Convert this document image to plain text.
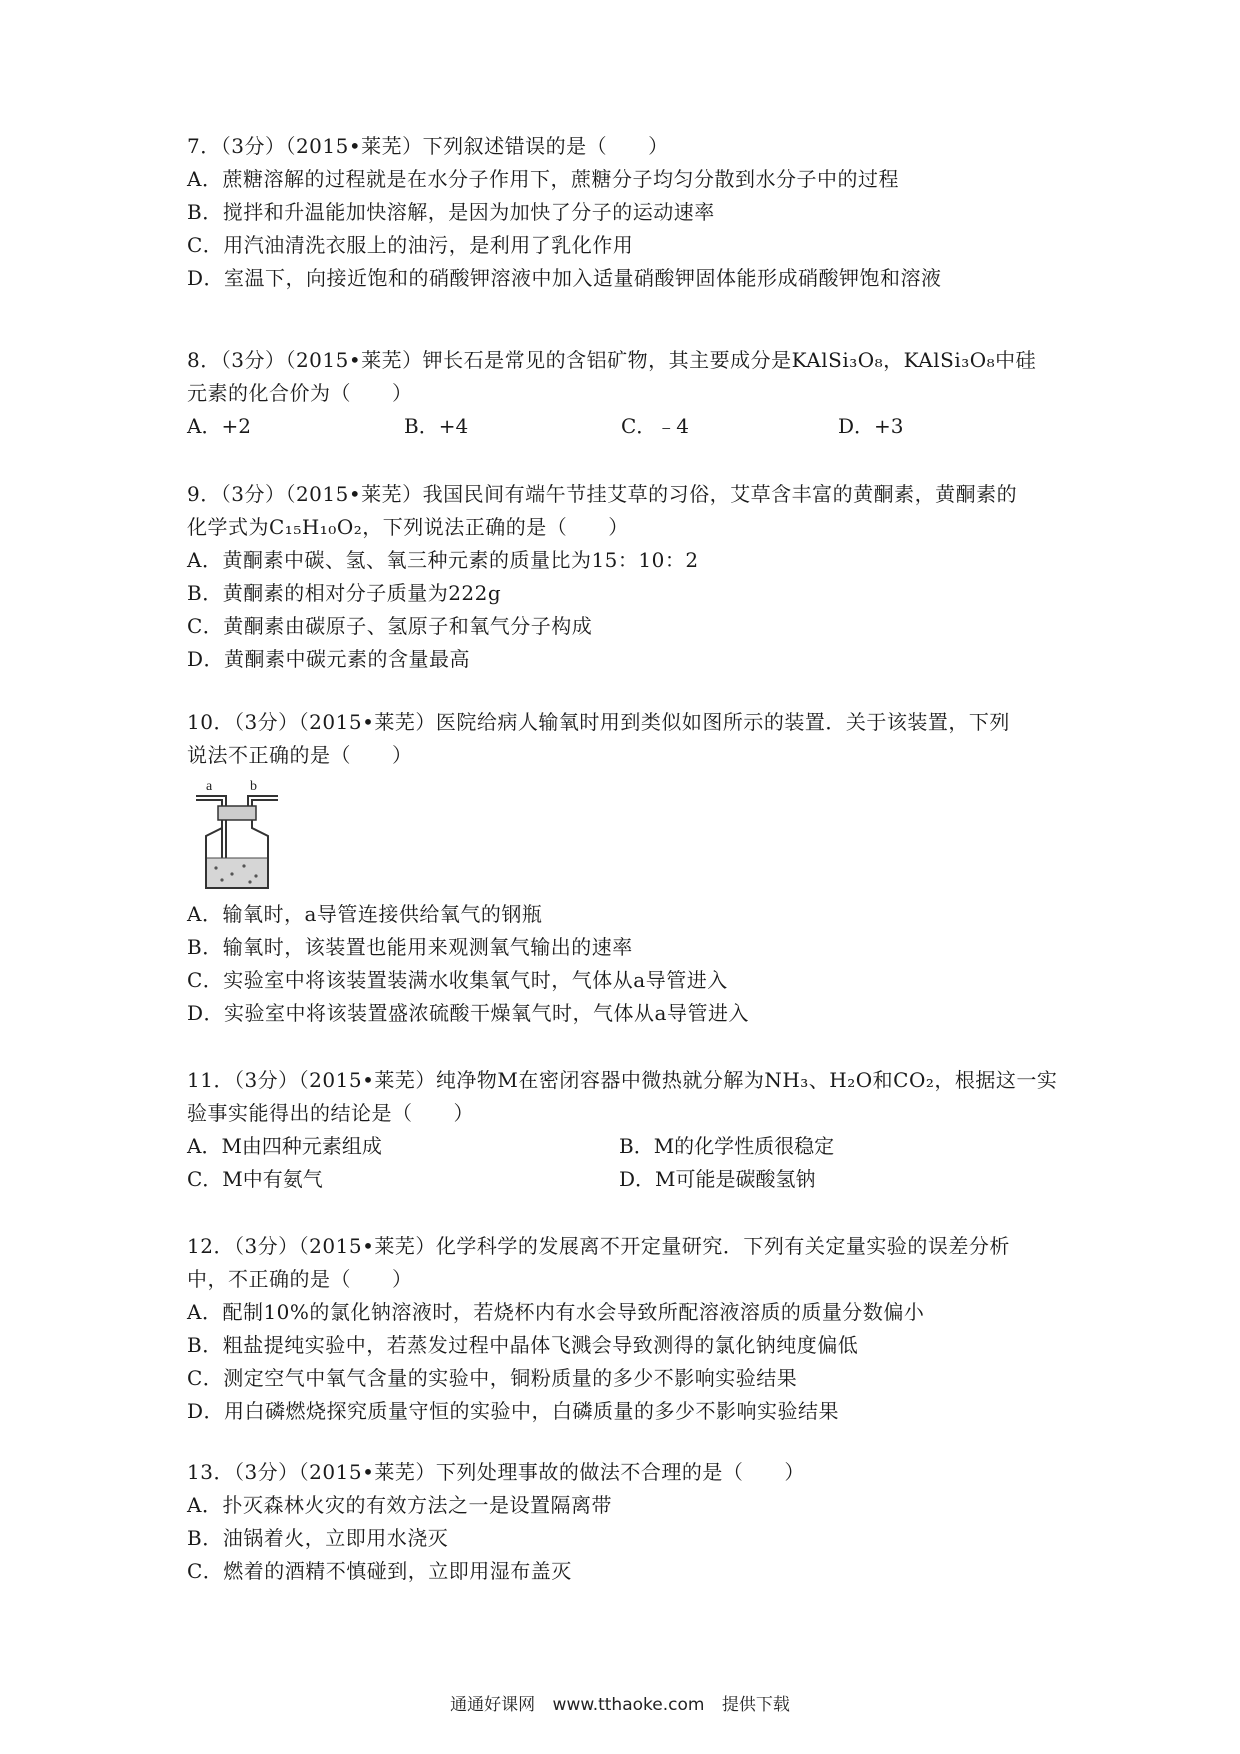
7．（3分）（2015•莱芜）下列叙述错误的是（　　）
A．蔗糖溶解的过程就是在水分子作用下，蔗糖分子均匀分散到水分子中的过程
B．搅拌和升温能加快溶解，是因为加快了分子的运动速率
C．用汽油清洗衣服上的油污，是利用了乳化作用
D．室温下，向接近饱和的硝酸钾溶液中加入适量硝酸钾固体能形成硝酸钾饱和溶液
8．（3分）（2015•莱芜）钾长石是常见的含铝矿物，其主要成分是KAlSi₃O₈，KAlSi₃O₈中硅
元素的化合价为（　　）
A．+2	B．+4	C．﹣4	D．+3
9．（3分）（2015•莱芜）我国民间有端午节挂艾草的习俗，艾草含丰富的黄酮素，黄酮素的
化学式为C₁₅H₁₀O₂，下列说法正确的是（　　）
A．黄酮素中碳、氢、氧三种元素的质量比为15：10：2
B．黄酮素的相对分子质量为222g
C．黄酮素由碳原子、氢原子和氧气分子构成
D．黄酮素中碳元素的含量最高
10．（3分）（2015•莱芜）医院给病人输氧时用到类似如图所示的装置．关于该装置，下列
说法不正确的是（　　）
a	b
A．输氧时，a导管连接供给氧气的钢瓶
B．输氧时，该装置也能用来观测氧气输出的速率
C．实验室中将该装置装满水收集氧气时，气体从a导管进入
D．实验室中将该装置盛浓硫酸干燥氧气时，气体从a导管进入
11．（3分）（2015•莱芜）纯净物M在密闭容器中微热就分解为NH₃、H₂O和CO₂，根据这一实
验事实能得出的结论是（　　）
A．M由四种元素组成	B．M的化学性质很稳定
C．M中有氨气	D．M可能是碳酸氢钠
12．（3分）（2015•莱芜）化学科学的发展离不开定量研究．下列有关定量实验的误差分析
中，不正确的是（　　）
A．配制10%的氯化钠溶液时，若烧杯内有水会导致所配溶液溶质的质量分数偏小
B．粗盐提纯实验中，若蒸发过程中晶体飞溅会导致测得的氯化钠纯度偏低
C．测定空气中氧气含量的实验中，铜粉质量的多少不影响实验结果
D．用白磷燃烧探究质量守恒的实验中，白磷质量的多少不影响实验结果
13．（3分）（2015•莱芜）下列处理事故的做法不合理的是（　　）
A．扑灭森林火灾的有效方法之一是设置隔离带
B．油锅着火，立即用水浇灭
C．燃着的酒精不慎碰到，立即用湿布盖灭
通通好课网 www.tthaoke.com 提供下载
